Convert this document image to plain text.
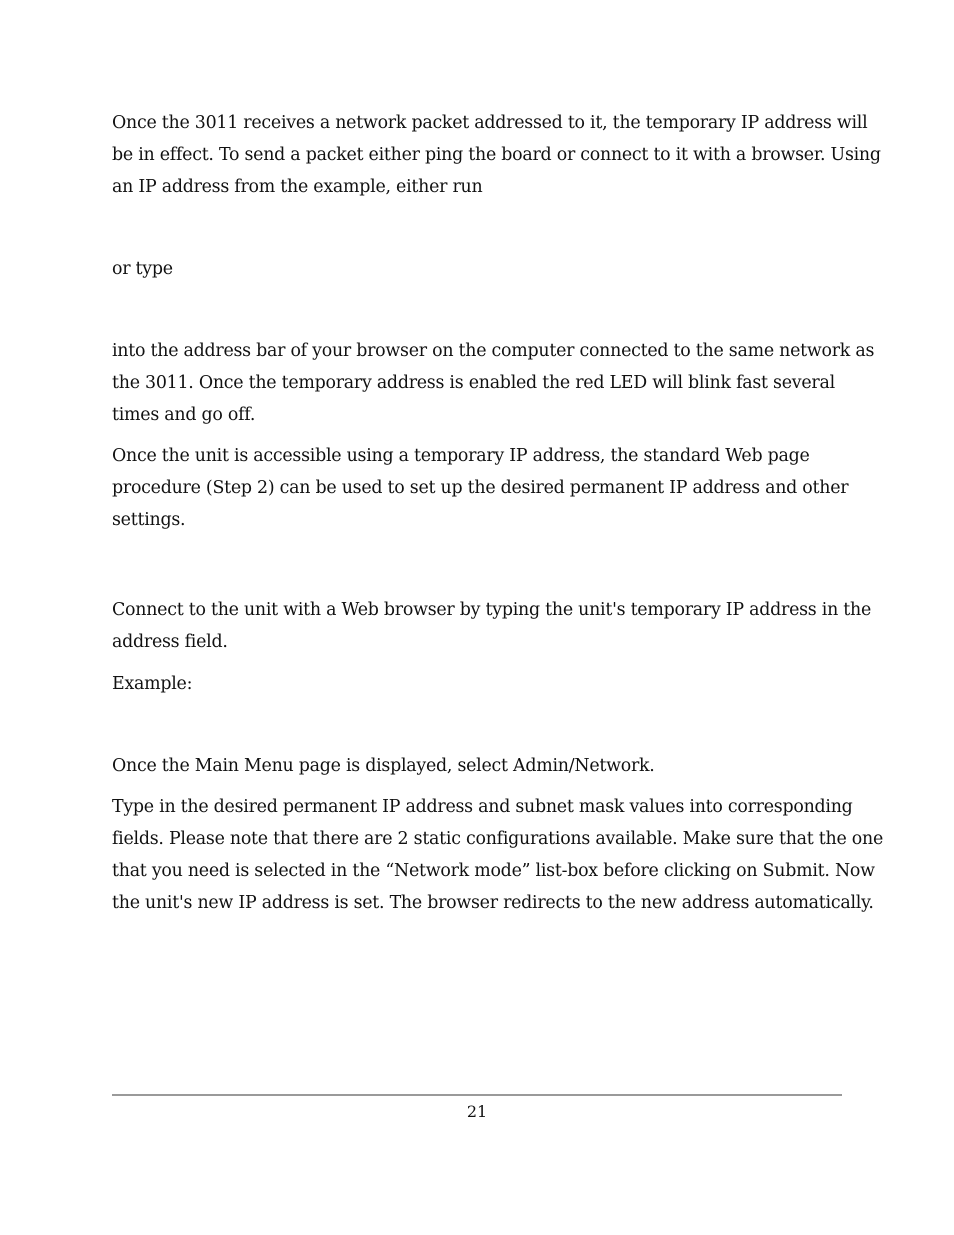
Once the 3011 receives a network packet addressed to it, the temporary IP address will
be in effect. To send a packet either ping the board or connect to it with a browser. Using
an IP address from the example, either run

or type

into the address bar of your browser on the computer connected to the same network as
the 3011. Once the temporary address is enabled the red LED will blink fast several
times and go off.

Once the unit is accessible using a temporary IP address, the standard Web page
procedure (Step 2) can be used to set up the desired permanent IP address and other
settings.

Connect to the unit with a Web browser by typing the unit's temporary IP address in the
address field.

Example:

Once the Main Menu page is displayed, select Admin/Network.

Type in the desired permanent IP address and subnet mask values into corresponding
fields. Please note that there are 2 static configurations available. Make sure that the one
that you need is selected in the “Network mode” list-box before clicking on Submit. Now
the unit's new IP address is set. The browser redirects to the new address automatically.

21
